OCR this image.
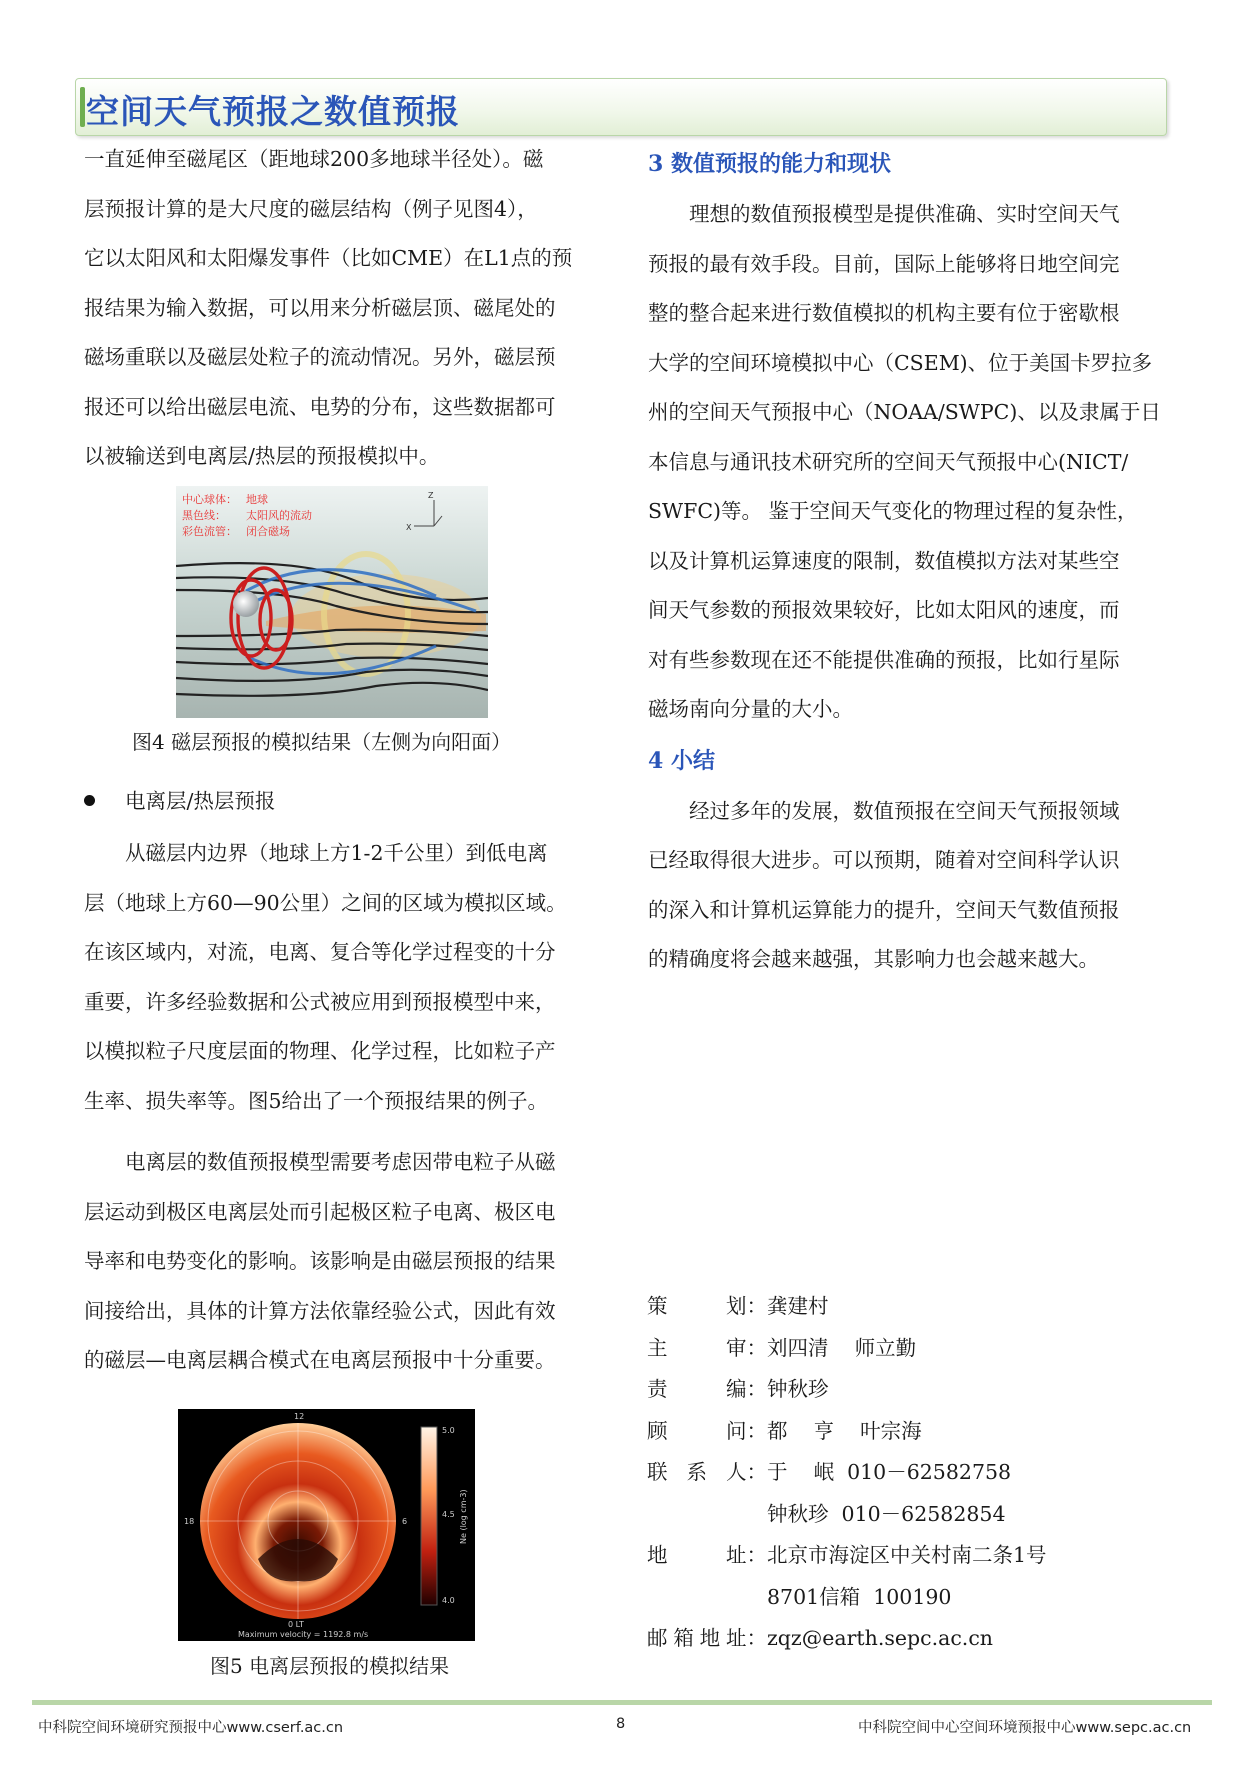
空间天气预报之数值预报

一直延伸至磁尾区（距地球200多地球半径处）。磁

层预报计算的是大尺度的磁层结构（例子见图4），

它以太阳风和太阳爆发事件（比如CME）在L1点的预

报结果为输入数据，可以用来分析磁层顶、磁尾处的

磁场重联以及磁层处粒子的流动情况。另外，磁层预

报还可以给出磁层电流、电势的分布，这些数据都可

以被输送到电离层/热层的预报模拟中。

中心球体： 地球
黑色线： 太阳风的流动
彩色流管： 闭合磁场
Z
X
图4 磁层预报的模拟结果（左侧为向阳面）
电离层/热层预报

从磁层内边界（地球上方1-2千公里）到低电离

层（地球上方60—90公里）之间的区域为模拟区域。

在该区域内，对流，电离、复合等化学过程变的十分

重要，许多经验数据和公式被应用到预报模型中来，

以模拟粒子尺度层面的物理、化学过程，比如粒子产

生率、损失率等。图5给出了一个预报结果的例子。

电离层的数值预报模型需要考虑因带电粒子从磁

层运动到极区电离层处而引起极区粒子电离、极区电

导率和电势变化的影响。该影响是由磁层预报的结果

间接给出，具体的计算方法依靠经验公式，因此有效

的磁层—电离层耦合模式在电离层预报中十分重要。

5.0
4.5
4.0
12
18	6
0 LT
Maximum velocity = 1192.8 m/s
Ne (log cm-3)
图5 电离层预报的模拟结果

3 数值预报的能力和现状

理想的数值预报模型是提供准确、实时空间天气

预报的最有效手段。目前，国际上能够将日地空间完

整的整合起来进行数值模拟的机构主要有位于密歇根

大学的空间环境模拟中心（CSEM)、位于美国卡罗拉多

州的空间天气预报中心（NOAA/SWPC)、以及隶属于日

本信息与通讯技术研究所的空间天气预报中心(NICT/

SWFC)等。 鉴于空间天气变化的物理过程的复杂性，

以及计算机运算速度的限制，数值模拟方法对某些空

间天气参数的预报效果较好，比如太阳风的速度，而

对有些参数现在还不能提供准确的预报，比如行星际

磁场南向分量的大小。

4 小结

经过多年的发展，数值预报在空间天气预报领域

已经取得很大进步。可以预期，随着对空间科学认识

的深入和计算机运算能力的提升，空间天气数值预报

的精确度将会越来越强，其影响力也会越来越大。

策	划： 龚建村
主	审： 刘四清    师立勤
责	编： 钟秋珍
顾	问： 都    亨    叶宗海
联 系 人： 于    岷  010－62582758
钟秋珍  010－62582854
地	址： 北京市海淀区中关村南二条1号
8701信箱  100190
邮 箱 地 址： zqz@earth.sepc.ac.cn
中科院空间环境研究预报中心www.cserf.ac.cn	8	中科院空间中心空间环境预报中心www.sepc.ac.cn
